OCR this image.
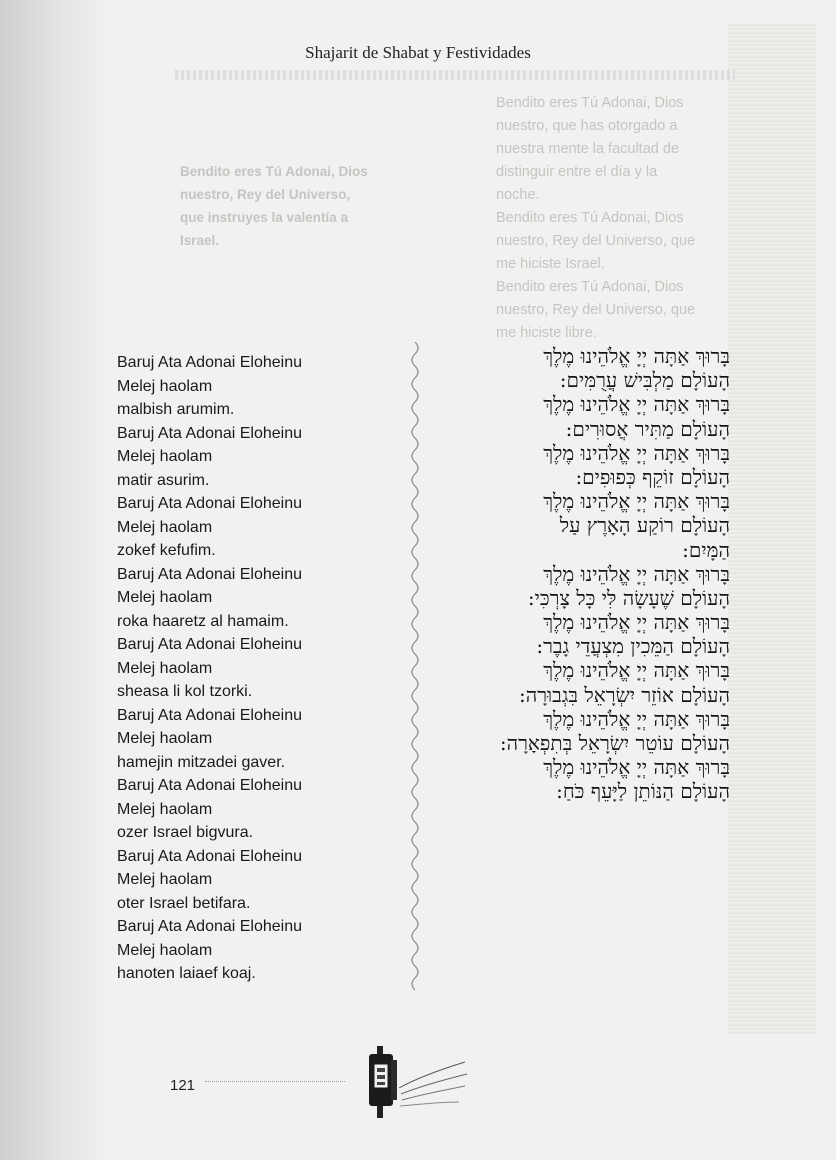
Bendito eres Tú Adonai, Dios
nuestro, que has otorgado a
nuestra mente la facultad de
distinguir entre el día y la
noche.
Bendito eres Tú Adonai, Dios
nuestro, Rey del Universo, que
me hiciste Israel.
Bendito eres Tú Adonai, Dios
nuestro, Rey del Universo, que
me hiciste libre.
Bendito eres Tú Adonai, Dios
nuestro, Rey del Universo,
que instruyes la valentía a
Israel.
Shajarit de Shabat y Festividades
Baruj Ata Adonai Eloheinu
Melej haolam
malbish arumim.
Baruj Ata Adonai Eloheinu
Melej haolam
matir asurim.
Baruj Ata Adonai Eloheinu
Melej haolam
zokef kefufim.
Baruj Ata Adonai Eloheinu
Melej haolam
roka haaretz al hamaim.
Baruj Ata Adonai Eloheinu
Melej haolam
sheasa li kol tzorki.
Baruj Ata Adonai Eloheinu
Melej haolam
hamejin mitzadei gaver.
Baruj Ata Adonai Eloheinu
Melej haolam
ozer Israel bigvura.
Baruj Ata Adonai Eloheinu
Melej haolam
oter Israel betifara.
Baruj Ata Adonai Eloheinu
Melej haolam
hanoten laiaef koaj.
בָּרוּךְ אַתָּה יְיָ אֱלֹהֵינוּ מֶלֶךְ
הָעוֹלָם מַלְבִּישׁ עֲרֻמִּים:
בָּרוּךְ אַתָּה יְיָ אֱלֹהֵינוּ מֶלֶךְ
הָעוֹלָם מַתִּיר אֲסוּרִים:
בָּרוּךְ אַתָּה יְיָ אֱלֹהֵינוּ מֶלֶךְ
הָעוֹלָם זוֹקֵף כְּפוּפִים:
בָּרוּךְ אַתָּה יְיָ אֱלֹהֵינוּ מֶלֶךְ
הָעוֹלָם רוֹקַע הָאָרֶץ עַל
הַמָּיִם:
בָּרוּךְ אַתָּה יְיָ אֱלֹהֵינוּ מֶלֶךְ
הָעוֹלָם שֶׁעָשָׂה לִּי כָּל צָרְכִּי:
בָּרוּךְ אַתָּה יְיָ אֱלֹהֵינוּ מֶלֶךְ
הָעוֹלָם הַמֵּכִין מִצְעֲדֵי גָבֶר:
בָּרוּךְ אַתָּה יְיָ אֱלֹהֵינוּ מֶלֶךְ
הָעוֹלָם אוֹזֵר יִשְׂרָאֵל בִּגְבוּרָה:
בָּרוּךְ אַתָּה יְיָ אֱלֹהֵינוּ מֶלֶךְ
הָעוֹלָם עוֹטֵר יִשְׂרָאֵל בְּתִפְאָרָה:
בָּרוּךְ אַתָּה יְיָ אֱלֹהֵינוּ מֶלֶךְ
הָעוֹלָם הַנּוֹתֵן לַיָּעֵף כֹּחַ:
121
